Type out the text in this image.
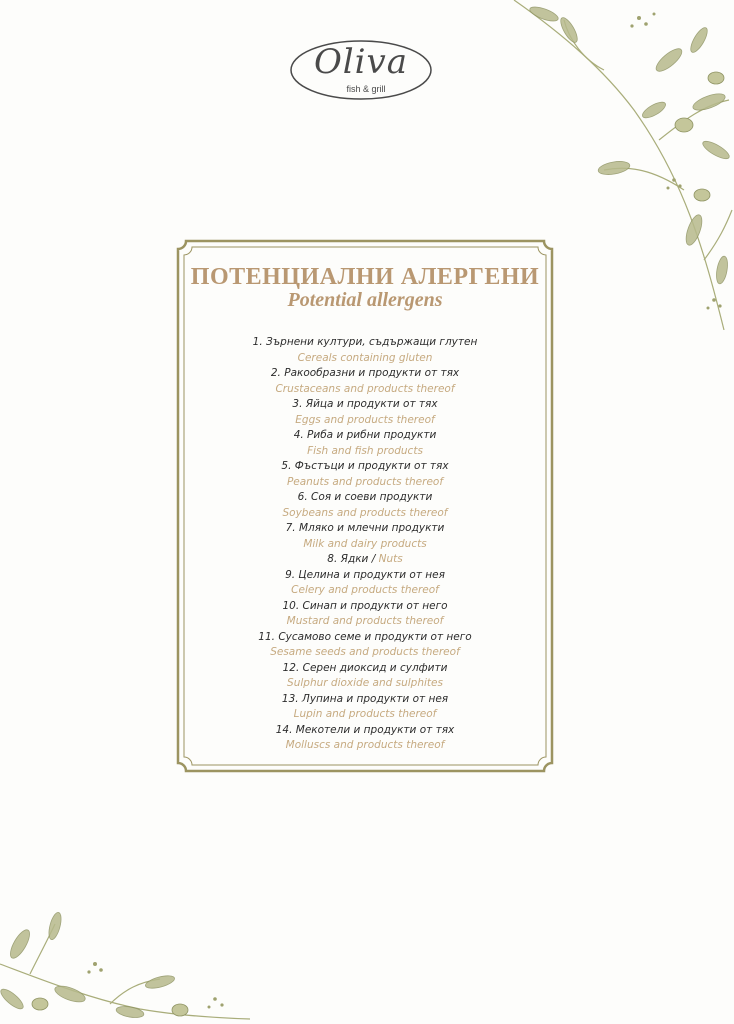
Oliva
fish & grill
ПОТЕНЦИАЛНИ АЛЕРГЕНИ
Potential allergens
1. Зърнени култури, съдържащи глутен
Cereals containing gluten
2. Ракообразни и продукти от тях
Crustaceans and products thereof
3. Яйца и продукти от тях
Eggs and products thereof
4. Риба и рибни продукти
Fish and fish products
5. Фъстъци и продукти от тях
Peanuts and products thereof
6. Соя и соеви продукти
Soybeans and products thereof
7. Мляко и млечни продукти
Milk and dairy products
8. Ядки / Nuts
9. Целина и продукти от нея
Celery and products thereof
10. Синап и продукти от него
Mustard and products thereof
11. Сусамово семе и продукти от него
Sesame seeds and products thereof
12. Серен диоксид и сулфити
Sulphur dioxide and sulphites
13. Лупина и продукти от нея
Lupin and products thereof
14. Мекотели и продукти от тях
Molluscs and products thereof
